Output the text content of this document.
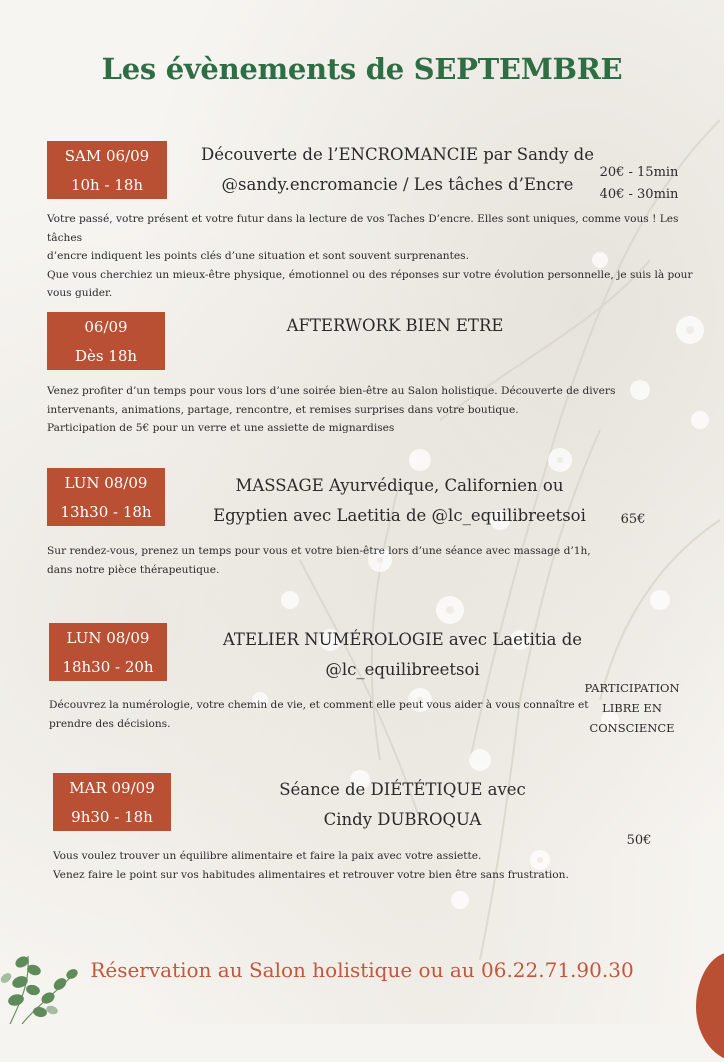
Les évènements de SEPTEMBRE
SAM 06/09
10h - 18h
Découverte de l’ENCROMANCIE par Sandy de
@sandy.encromancie / Les tâches d’Encre
20€ - 15min
40€ - 30min
Votre passé, votre présent et votre futur dans la lecture de vos Taches D’encre. Elles sont uniques, comme vous ! Les tâches
d’encre indiquent les points clés d’une situation et sont souvent surprenantes.
Que vous cherchiez un mieux-être physique, émotionnel ou des réponses sur votre évolution personnelle, je suis là pour
vous guider.
06/09
Dès 18h
AFTERWORK BIEN ETRE
Venez profiter d’un temps pour vous lors d’une soirée bien-être au Salon holistique. Découverte de divers
intervenants, animations, partage, rencontre, et remises surprises dans votre boutique.
Participation de 5€ pour un verre et une assiette de mignardises
LUN 08/09
13h30 - 18h
MASSAGE Ayurvédique, Californien ou
Egyptien avec Laetitia de @lc_equilibreetsoi	65€
Sur rendez-vous, prenez un temps pour vous et votre bien-être lors d’une séance avec massage d’1h,
dans notre pièce thérapeutique.
LUN 08/09
18h30 - 20h
ATELIER NUMÉROLOGIE avec Laetitia de
@lc_equilibreetsoi
PARTICIPATION
LIBRE EN
CONSCIENCE
Découvrez la numérologie, votre chemin de vie, et comment elle peut vous aider à vous connaître et
prendre des décisions.
MAR 09/09
9h30 - 18h
Séance de DIÉTÉTIQUE avec
Cindy DUBROQUA
50€
Vous voulez trouver un équilibre alimentaire et faire la paix avec votre assiette.
Venez faire le point sur vos habitudes alimentaires et retrouver votre bien être sans frustration.
Réservation au Salon holistique ou au 06.22.71.90.30
